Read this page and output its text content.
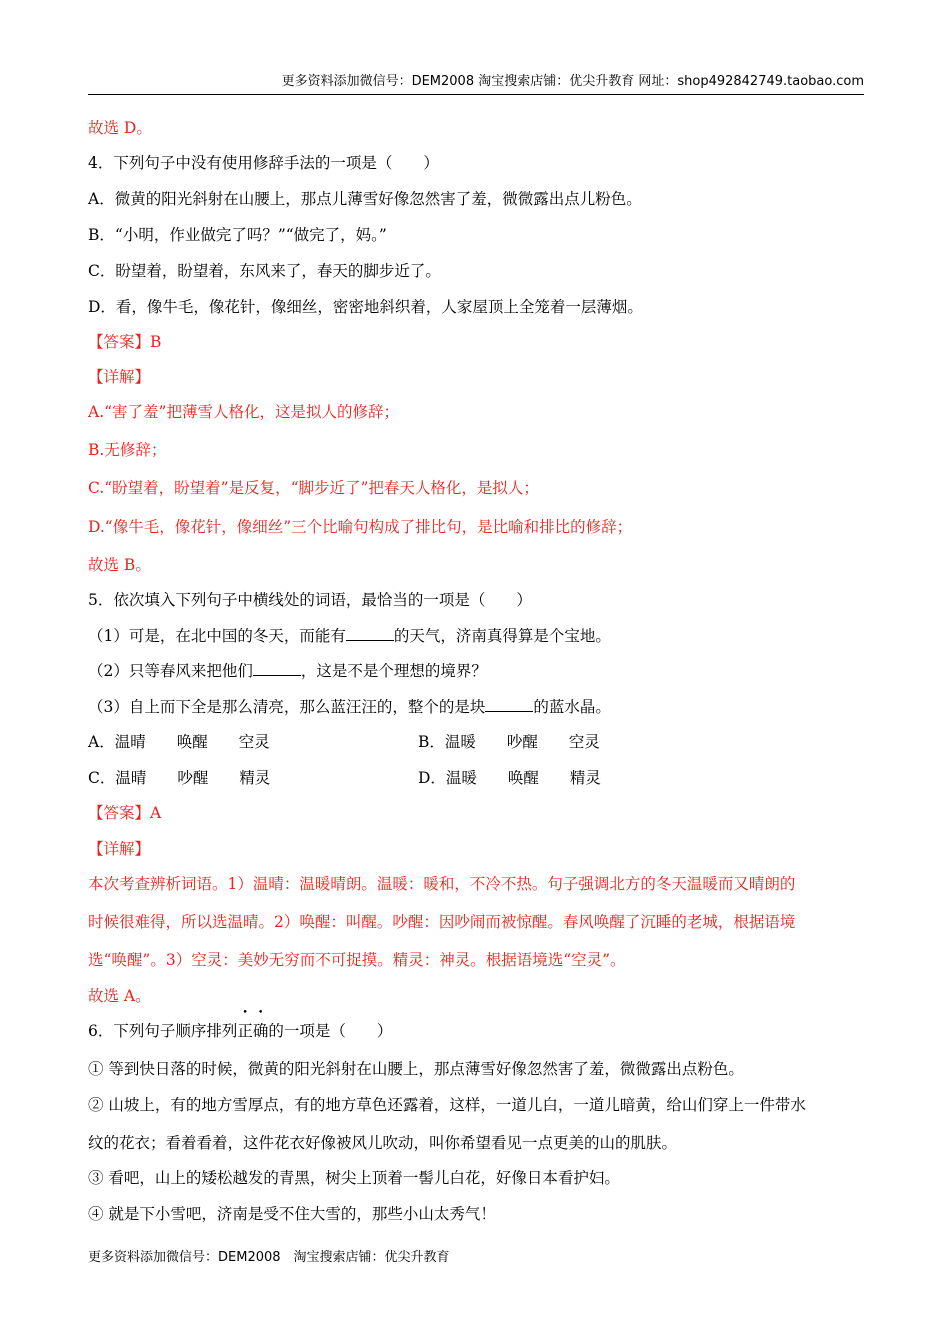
更多资料添加微信号：DEM2008 淘宝搜索店铺：优尖升教育 网址：shop492842749.taobao.com
故选 D。
4．下列句子中没有使用修辞手法的一项是（　　）
A．微黄的阳光斜射在山腰上，那点儿薄雪好像忽然害了羞，微微露出点儿粉色。
B．“小明，作业做完了吗？”“做完了，妈。”
C．盼望着，盼望着，东风来了，春天的脚步近了。
D．看，像牛毛，像花针，像细丝，密密地斜织着，人家屋顶上全笼着一层薄烟。
【答案】B
【详解】
A.“害了羞”把薄雪人格化，这是拟人的修辞；
B.无修辞；
C.“盼望着，盼望着”是反复，“脚步近了”把春天人格化，是拟人；
D.“像牛毛，像花针，像细丝”三个比喻句构成了排比句，是比喻和排比的修辞；
故选 B。
5．依次填入下列句子中横线处的词语，最恰当的一项是（　　）
（1）可是，在北中国的冬天，而能有	的天气，济南真得算是个宝地。
（2）只等春风来把他们	，这是不是个理想的境界？
（3）自上而下全是那么清亮，那么蓝汪汪的，整个的是块	的蓝水晶。
A．温晴　　唤醒　　空灵	B．温暖　　吵醒　　空灵
C．温晴　　吵醒　　精灵	D．温暖　　唤醒　　精灵
【答案】A
【详解】
本次考查辨析词语。1）温晴：温暖晴朗。温暖：暖和，不冷不热。句子强调北方的冬天温暖而又晴朗的
时候很难得，所以选温晴。2）唤醒：叫醒。吵醒：因吵闹而被惊醒。春风唤醒了沉睡的老城，根据语境
选“唤醒”。3）空灵：美妙无穷而不可捉摸。精灵：神灵。根据语境选“空灵”。
故选 A。
6．下列句子顺序排列正确的一项是（　　）
① 等到快日落的时候，微黄的阳光斜射在山腰上，那点薄雪好像忽然害了羞，微微露出点粉色。
② 山坡上，有的地方雪厚点，有的地方草色还露着，这样，一道儿白，一道儿暗黄，给山们穿上一件带水
纹的花衣；看着看着，这件花衣好像被风儿吹动，叫你希望看见一点更美的山的肌肤。
③ 看吧，山上的矮松越发的青黑，树尖上顶着一髻儿白花，好像日本看护妇。
④ 就是下小雪吧，济南是受不住大雪的，那些小山太秀气！
更多资料添加微信号：DEM2008　淘宝搜索店铺：优尖升教育
